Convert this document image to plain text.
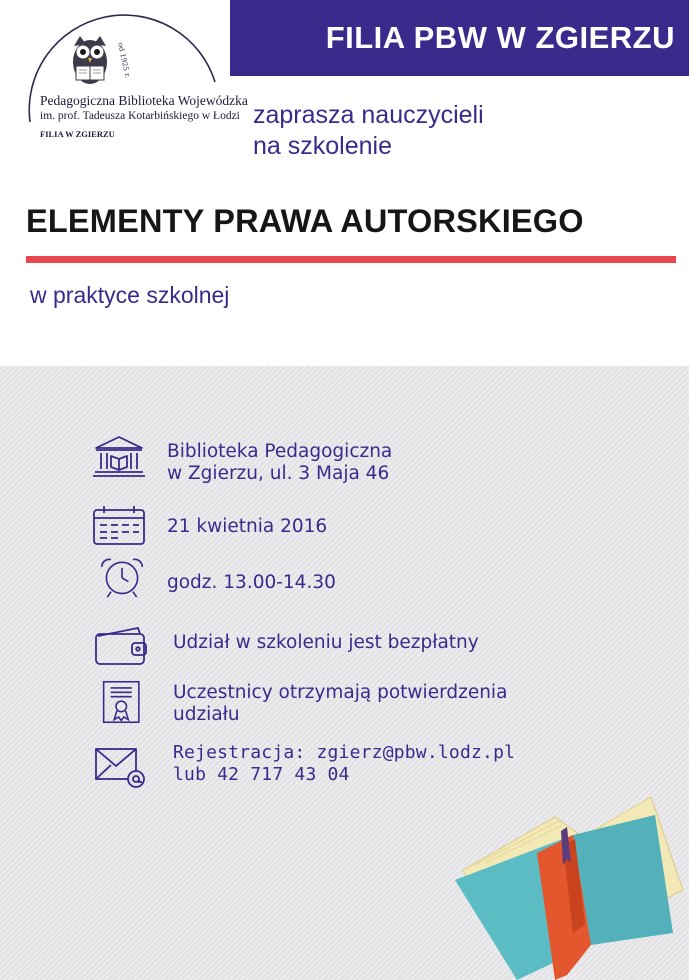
FILIA PBW W ZGIERZU
od 1925 r.
Pedagogiczna Biblioteka Wojewódzka
im. prof. Tadeusza Kotarbińskiego w Łodzi
FILIA W ZGIERZU
zaprasza nauczycieli
na szkolenie
ELEMENTY PRAWA AUTORSKIEGO
w praktyce szkolnej
Biblioteka Pedagogiczna
w Zgierzu, ul. 3 Maja 46
21 kwietnia 2016
godz. 13.00-14.30
Udział w szkoleniu jest bezpłatny
Uczestnicy otrzymają potwierdzenia
udziału
Rejestracja: zgierz@pbw.lodz.pl
lub 42 717 43 04
